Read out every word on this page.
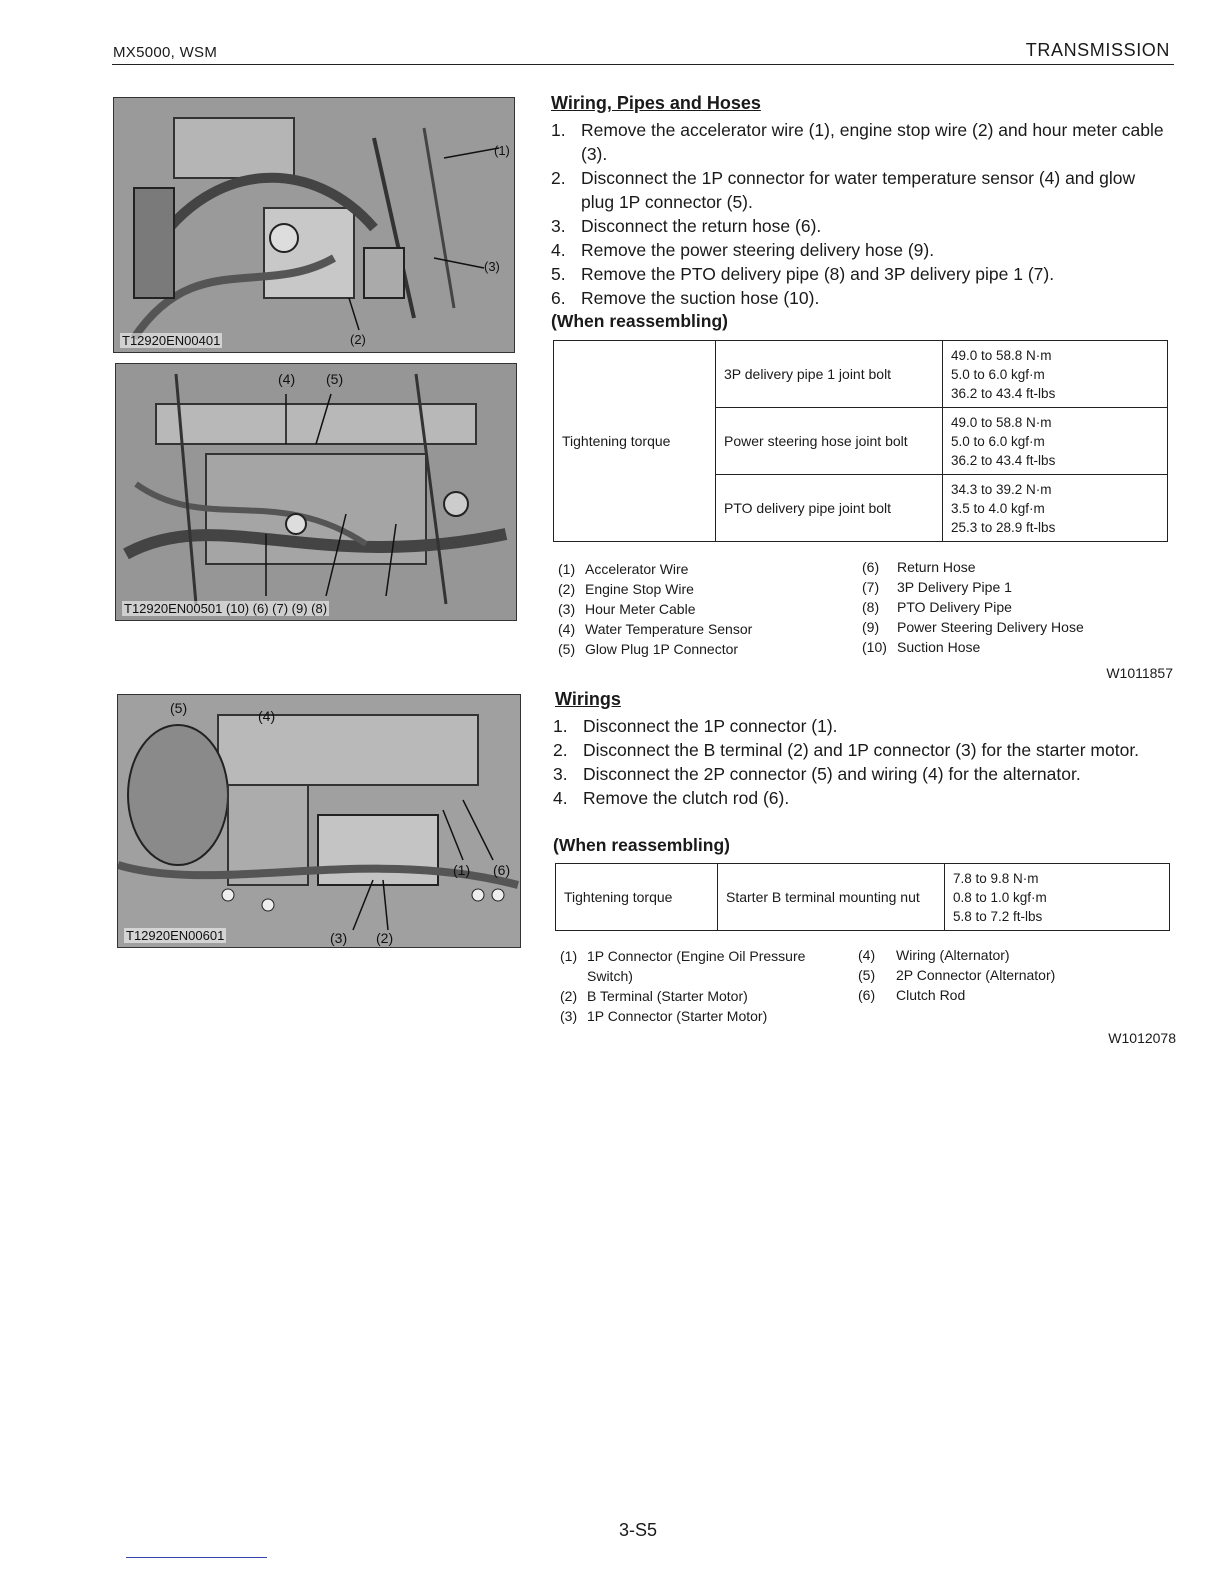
MX5000, WSM	TRANSMISSION
(1)
(3)
(2)
T12920EN00401
(4) (5)
T12920EN00501 (10) (6) (7) (9) (8)
(5)	(4)
(1) (6)
(3) (2)
T12920EN00601
Wiring, Pipes and Hoses
1. Remove the accelerator wire (1), engine stop wire (2) and hour meter cable (3).
2. Disconnect the 1P connector for water temperature sensor (4) and glow plug 1P connector (5).
3. Disconnect the return hose (6).
4. Remove the power steering delivery hose (9).
5. Remove the PTO delivery pipe (8) and 3P delivery pipe 1 (7).
6. Remove the suction hose (10).
(When reassembling)
Tightening torque	3P delivery pipe 1 joint bolt	49.0 to 58.8 N·m
5.0 to 6.0 kgf·m
36.2 to 43.4 ft-lbs

	Power steering hose joint bolt	49.0 to 58.8 N·m
5.0 to 6.0 kgf·m
36.2 to 43.4 ft-lbs

	PTO delivery pipe joint bolt	34.3 to 39.2 N·m
3.5 to 4.0 kgf·m
25.3 to 28.9 ft-lbs
(1) Accelerator Wire
(2) Engine Stop Wire
(3) Hour Meter Cable
(4) Water Temperature Sensor
(5) Glow Plug 1P Connector
(6) Return Hose
(7) 3P Delivery Pipe 1
(8) PTO Delivery Pipe
(9) Power Steering Delivery Hose
(10) Suction Hose
W1011857
Wirings
1. Disconnect the 1P connector (1).
2. Disconnect the B terminal (2) and 1P connector (3) for the starter motor.
3. Disconnect the 2P connector (5) and wiring (4) for the alternator.
4. Remove the clutch rod (6).
(When reassembling)
Tightening torque	Starter B terminal mounting nut	
7.8 to 9.8 N·m
0.8 to 1.0 kgf·m
5.8 to 7.2 ft-lbs
(1) 1P Connector (Engine Oil Pressure Switch)
(2) B Terminal (Starter Motor)
(3) 1P Connector (Starter Motor)
(4) Wiring (Alternator)
(5) 2P Connector (Alternator)
(6) Clutch Rod
W1012078
3-S5
